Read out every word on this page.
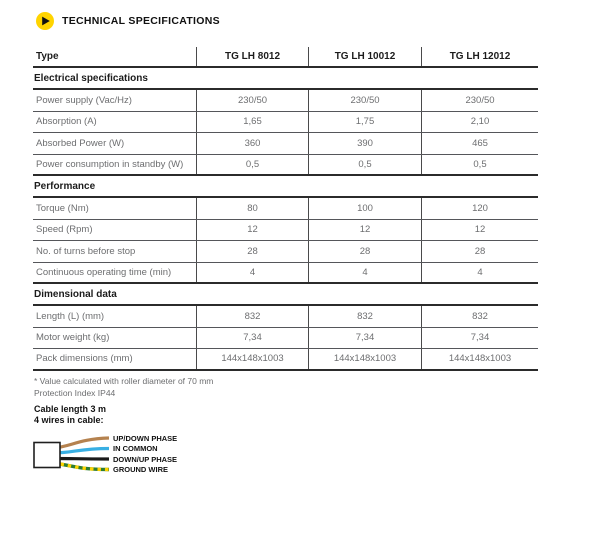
TECHNICAL SPECIFICATIONS
Type	TG LH 8012	TG LH 10012	TG LH 12012
Electrical specifications
Power supply (Vac/Hz)	230/50	230/50	230/50
Absorption (A)	1,65	1,75	2,10
Absorbed Power (W)	360	390	465
Power consumption in standby (W)	0,5	0,5	0,5
Performance
Torque (Nm)	80	100	120
Speed (Rpm)	12	12	12
No. of turns before stop	28	28	28
Continuous operating time (min)	4	4	4
Dimensional data
Length (L) (mm)	832	832	832
Motor weight (kg)	7,34	7,34	7,34
Pack dimensions (mm)	144x148x1003	144x148x1003	144x148x1003
* Value calculated with roller diameter of 70 mm
Protection Index IP44
Cable length 3 m
4 wires in cable:
UP/DOWN PHASE
IN COMMON
DOWN/UP PHASE
GROUND WIRE
